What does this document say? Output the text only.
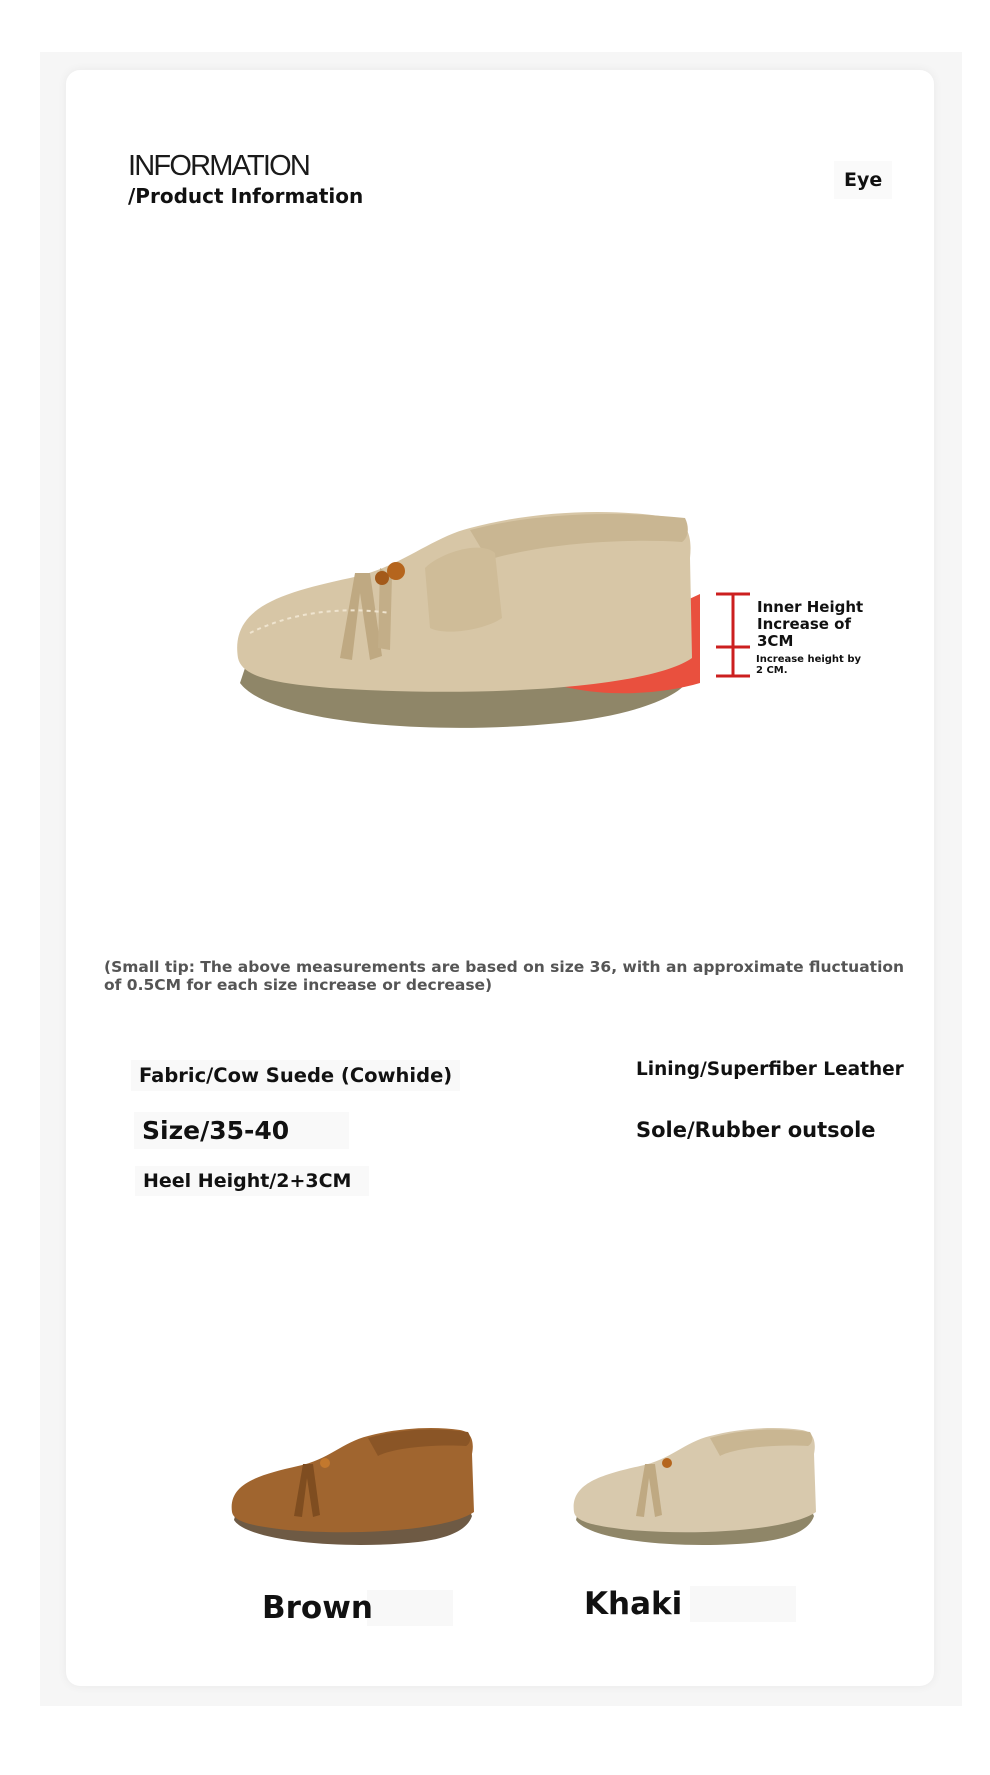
INFORMATION
/Product Information
Eye
Inner Height Increase of 3CM
Increase height by 2 CM.
(Small tip: The above measurements are based on size 36, with an approximate fluctuation of 0.5CM for each size increase or decrease)
Fabric/Cow Suede (Cowhide)
Size/35-40
Heel Height/2+3CM
Lining/Superfiber Leather
Sole/Rubber outsole
Brown	Khaki
